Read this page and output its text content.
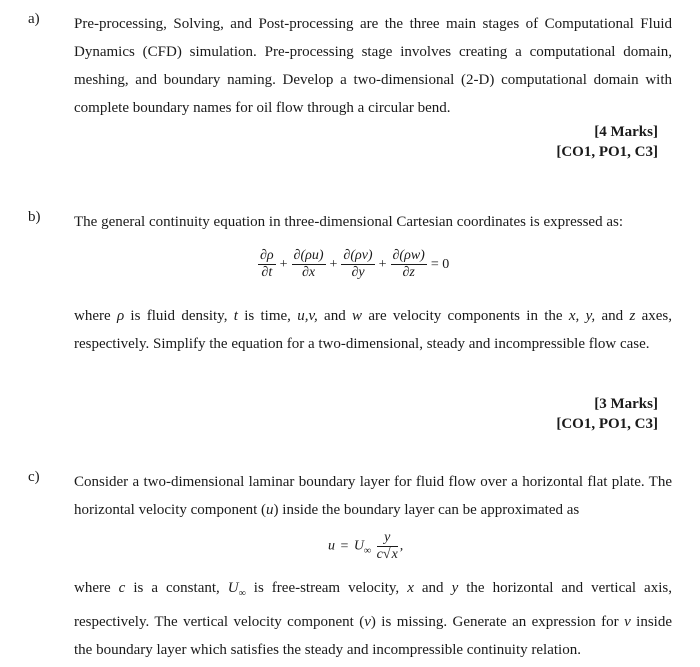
a) Pre-processing, Solving, and Post-processing are the three main stages of Computational Fluid Dynamics (CFD) simulation. Pre-processing stage involves creating a computational domain, meshing, and boundary naming. Develop a two-dimensional (2-D) computational domain with complete boundary names for oil flow through a circular bend.
[4 Marks]
[CO1, PO1, C3]
b) The general continuity equation in three-dimensional Cartesian coordinates is expressed as:
$\frac{\partial\rho}{\partial t} + \frac{\partial(\rho u)}{\partial x} + \frac{\partial(\rho v)}{\partial y} + \frac{\partial(\rho w)}{\partial z} = 0$
where ρ is fluid density, t is time, u,v, and w are velocity components in the x, y, and z axes, respectively. Simplify the equation for a two-dimensional, steady and incompressible flow case.
[3 Marks]
[CO1, PO1, C3]
c) Consider a two-dimensional laminar boundary layer for fluid flow over a horizontal flat plate. The horizontal velocity component (u) inside the boundary layer can be approximated as
$u = U_\infty \frac{y}{c√x}$ ,
where c is a constant, $U_\infty$ is free-stream velocity, x and y the horizontal and vertical axis, respectively. The vertical velocity component (v) is missing. Generate an expression for v inside the boundary layer which satisfies the steady and incompressible continuity relation.
